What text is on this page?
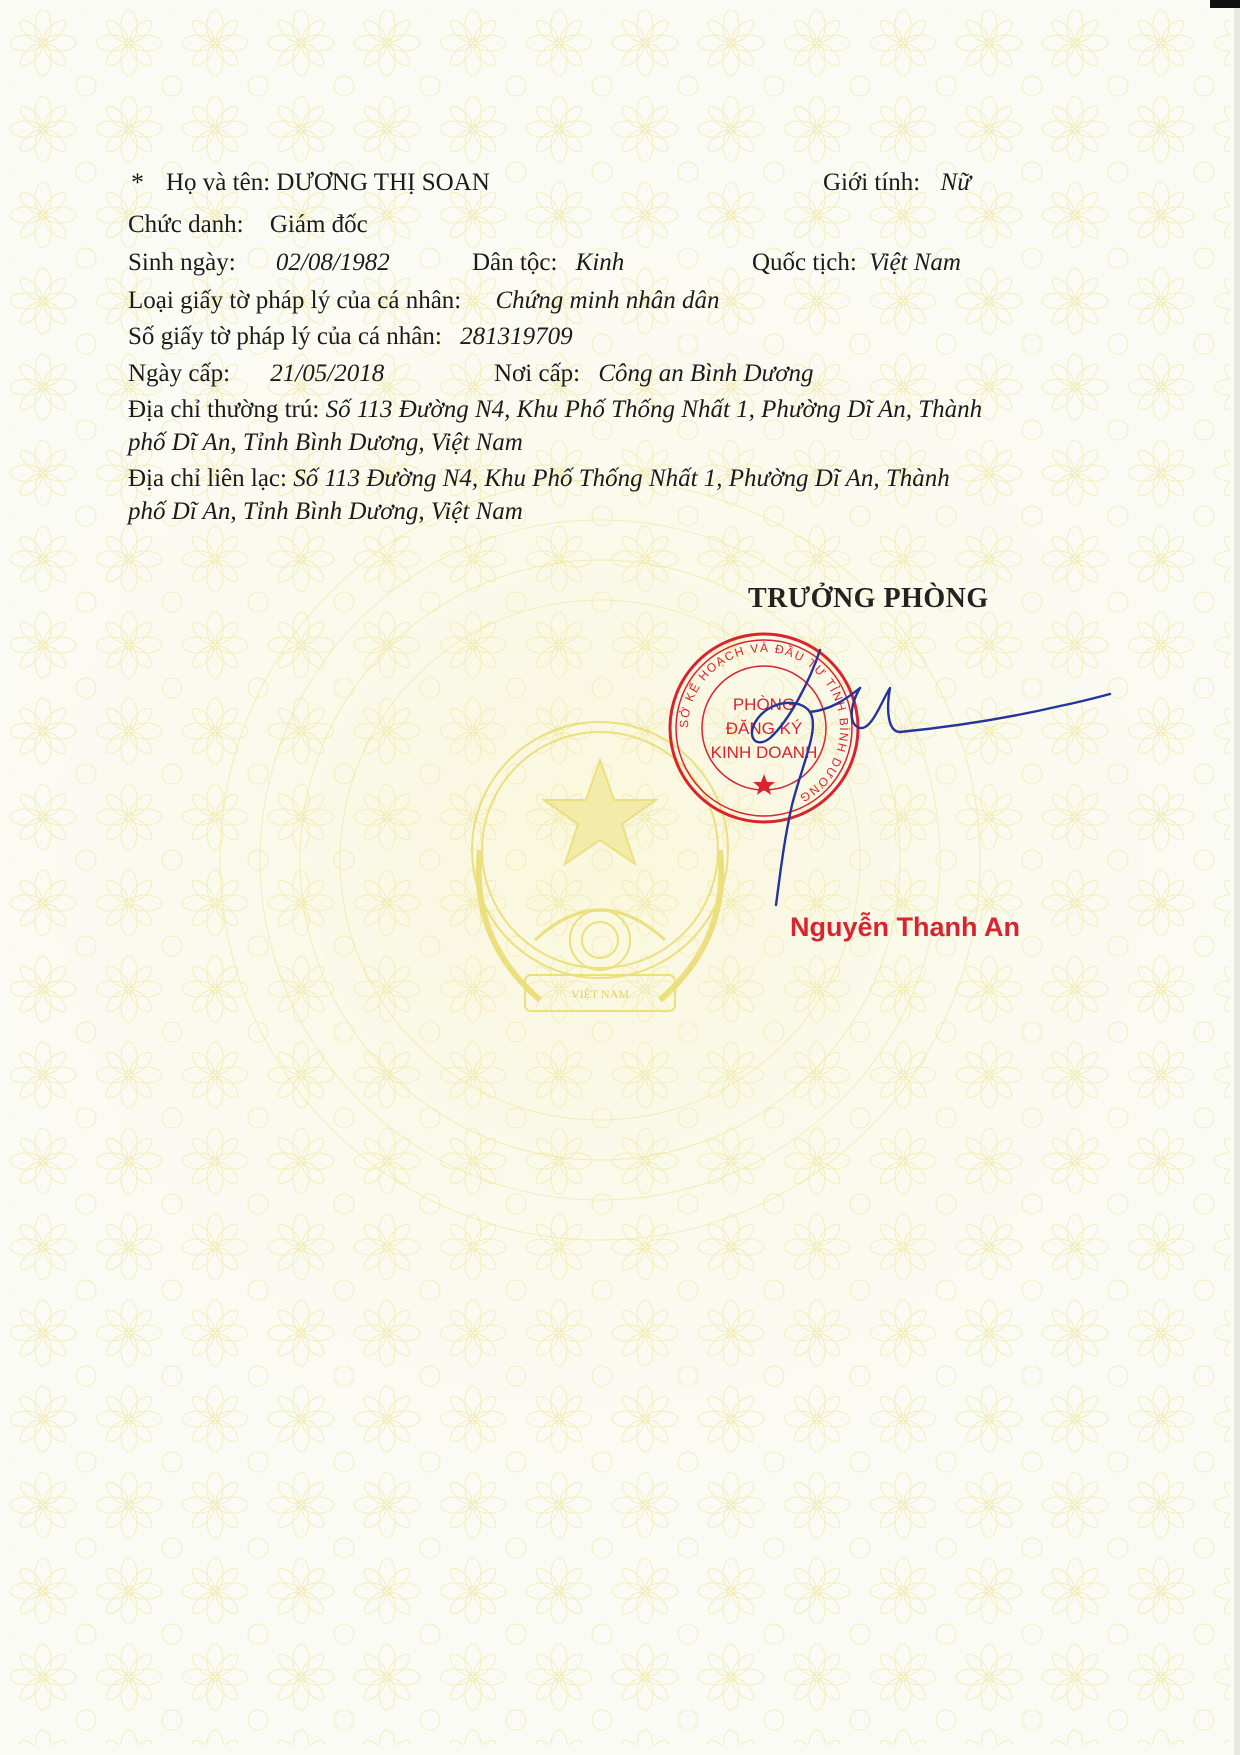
VIỆT NAM
* Họ và tên: DƯƠNG THỊ SOAN	Giới tính: Nữ
Chức danh: Giám đốc
Sinh ngày: 02/08/1982	Dân tộc: Kinh	Quốc tịch: Việt Nam
Loại giấy tờ pháp lý của cá nhân: Chứng minh nhân dân
Số giấy tờ pháp lý của cá nhân: 281319709
Ngày cấp: 21/05/2018	Nơi cấp: Công an Bình Dương
Địa chỉ thường trú: Số 113 Đường N4, Khu Phố Thống Nhất 1, Phường Dĩ An, Thành
phố Dĩ An, Tỉnh Bình Dương, Việt Nam
Địa chỉ liên lạc: Số 113 Đường N4, Khu Phố Thống Nhất 1, Phường Dĩ An, Thành
phố Dĩ An, Tỉnh Bình Dương, Việt Nam
TRƯỞNG PHÒNG
SỞ KẾ HOẠCH VÀ ĐẦU TƯ TỈNH BÌNH DƯƠNG
PHÒNG
ĐĂNG KÝ
KINH DOANH
Nguyễn Thanh An
